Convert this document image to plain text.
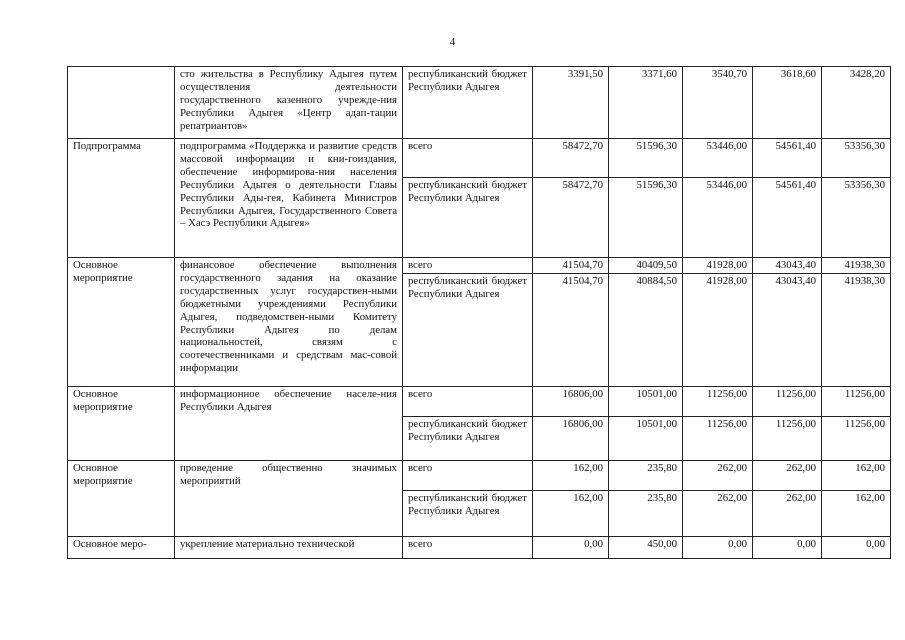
4
	сто жительства в Республику Адыгея путем осуществления деятельности государственного казенного учрежде-ния Республики Адыгея «Центр адап-тации репатриантов»	республиканский бюджет Республики Адыгея	3391,50	3371,60	3540,70	3618,60	3428,20
Подпрограмма	подпрограмма «Поддержка и развитие средств массовой информации и кни-гоиздания, обеспечение информирова-ния населения Республики Адыгея о деятельности Главы Республики Ады-гея, Кабинета Министров Республики Адыгея, Государственного Совета – Хасэ Республики Адыгея»	всего	58472,70	51596,30	53446,00	54561,40	53356,30
		республиканский бюджет Республики Адыгея	58472,70	51596,30	53446,00	54561,40	53356,30
Основное мероприятие	финансовое обеспечение выполнения государственного задания на оказание государственных услуг государствен-ными бюджетными учреждениями Республики Адыгея, подведомствен-ными Комитету Республики Адыгея по делам национальностей, связям с соотечественниками и средствам мас-совой информации	всего	41504,70	40409,50	41928,00	43043,40	41938,30
		республиканский бюджет Республики Адыгея	41504,70	40884,50	41928,00	43043,40	41938,30
Основное мероприятие	информационное обеспечение населе-ния Республики Адыгея	всего	16806,00	10501,00	11256,00	11256,00	11256,00
		республиканский бюджет Республики Адыгея	16806,00	10501,00	11256,00	11256,00	11256,00
Основное мероприятие	проведение общественно значимых мероприятий	всего	162,00	235,80	262,00	262,00	162,00
		республиканский бюджет Республики Адыгея	162,00	235,80	262,00	262,00	162,00
Основное меро-	укрепление материально технической	всего	0,00	450,00	0,00	0,00	0,00
